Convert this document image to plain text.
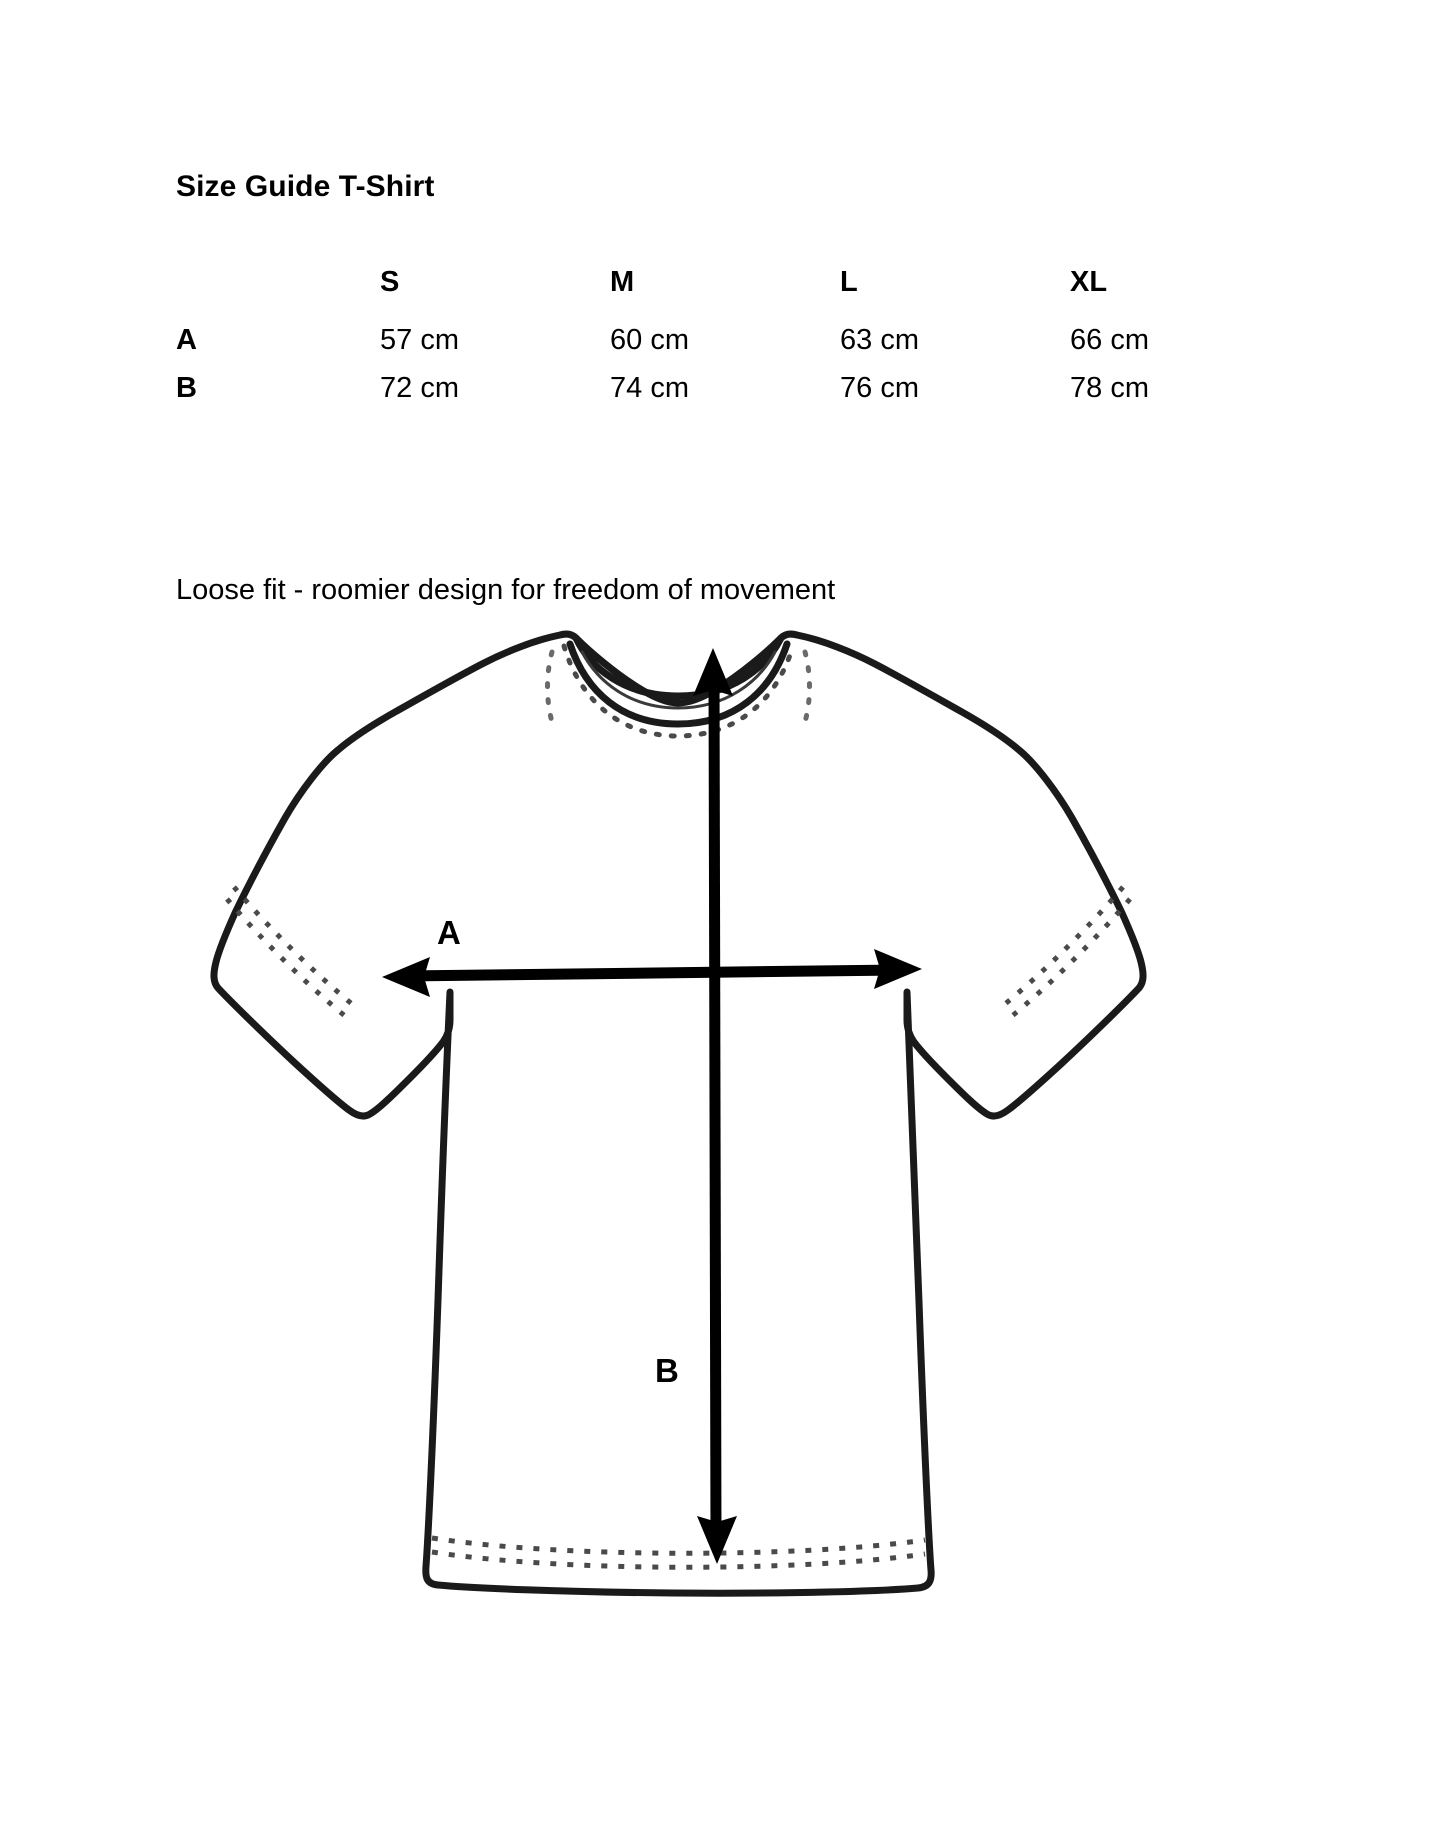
Size Guide T-Shirt
	S	M	L	XL
A	57 cm	60 cm	63 cm	66 cm
B	72 cm	74 cm	76 cm	78 cm
Loose fit - roomier design for freedom of movement
A
B
